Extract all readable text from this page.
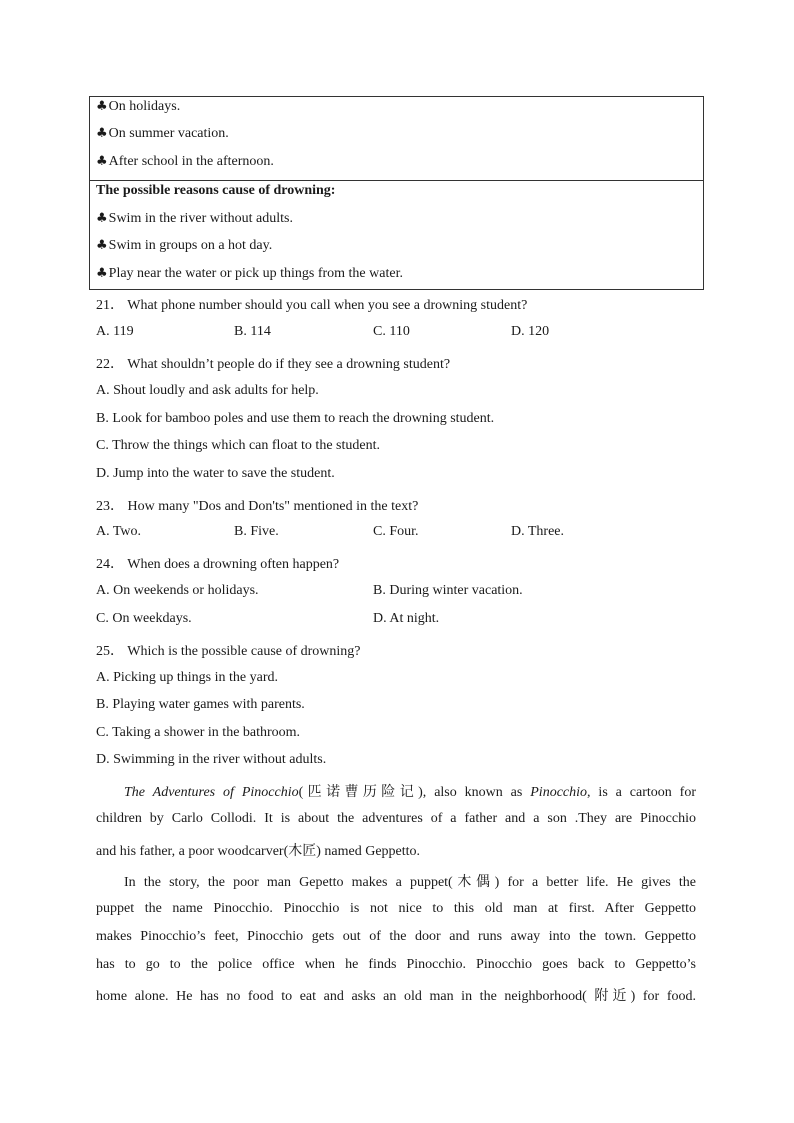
♣On holidays.
♣On summer vacation.
♣After school in the afternoon.
The possible reasons cause of drowning:
♣Swim in the river without adults.
♣Swim in groups on a hot day.
♣Play near the water or pick up things from the water.
21． What phone number should you call when you see a drowning student?
A. 119	B. 114	C. 110	D. 120
22． What shouldn’t people do if they see a drowning student?
A. Shout loudly and ask adults for help.
B. Look for bamboo poles and use them to reach the drowning student.
C. Throw the things which can float to the student.
D. Jump into the water to save the student.
23． How many "Dos and Don'ts" mentioned in the text?
A. Two.	B. Five.	C. Four.	D. Three.
24． When does a drowning often happen?
A. On weekends or holidays.	B. During winter vacation.
C. On weekdays.	D. At night.
25． Which is the possible cause of drowning?
A. Picking up things in the yard.
B. Playing water games with parents.
C. Taking a shower in the bathroom.
D. Swimming in the river without adults.
The Adventures of Pinocchio(匹诺曹历险记), also known as Pinocchio, is a cartoon for
children by Carlo Collodi. It is about the adventures of a father and a son .They are Pinocchio
and his father, a poor woodcarver(木匠) named Geppetto.
In the story, the poor man Gepetto makes a puppet(木偶) for a better life. He gives the
puppet the name Pinocchio. Pinocchio is not nice to this old man at first. After Geppetto
makes Pinocchio’s feet, Pinocchio gets out of the door and runs away into the town. Geppetto
has to go to the police office when he finds Pinocchio. Pinocchio goes back to Geppetto’s
home alone. He has no food to eat and asks an old man in the neighborhood( 附近) for food.
